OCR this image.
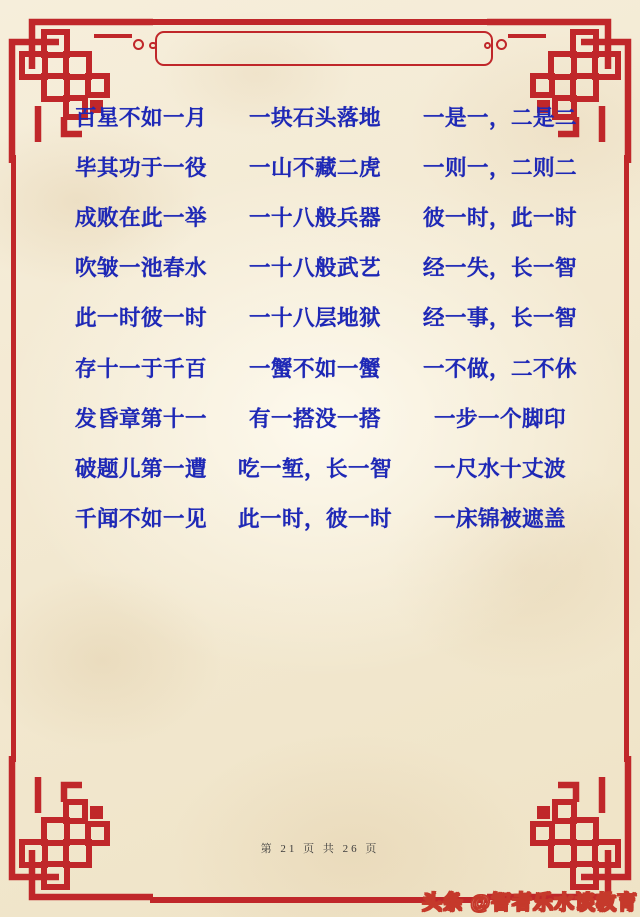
百星不如一月
毕其功于一役
成败在此一举
吹皱一池春水
此一时彼一时
存十一于千百
发昏章第十一
破题儿第一遭
千闻不如一见
一块石头落地
一山不藏二虎
一十八般兵器
一十八般武艺
一十八层地狱
一蟹不如一蟹
有一搭没一搭
吃一堑，长一智
此一时，彼一时
一是一，二是二
一则一，二则二
彼一时，此一时
经一失，长一智
经一事，长一智
一不做，二不休
一步一个脚印
一尺水十丈波
一床锦被遮盖
第 21 页 共 26 页
头条 @智者乐水谈教育
